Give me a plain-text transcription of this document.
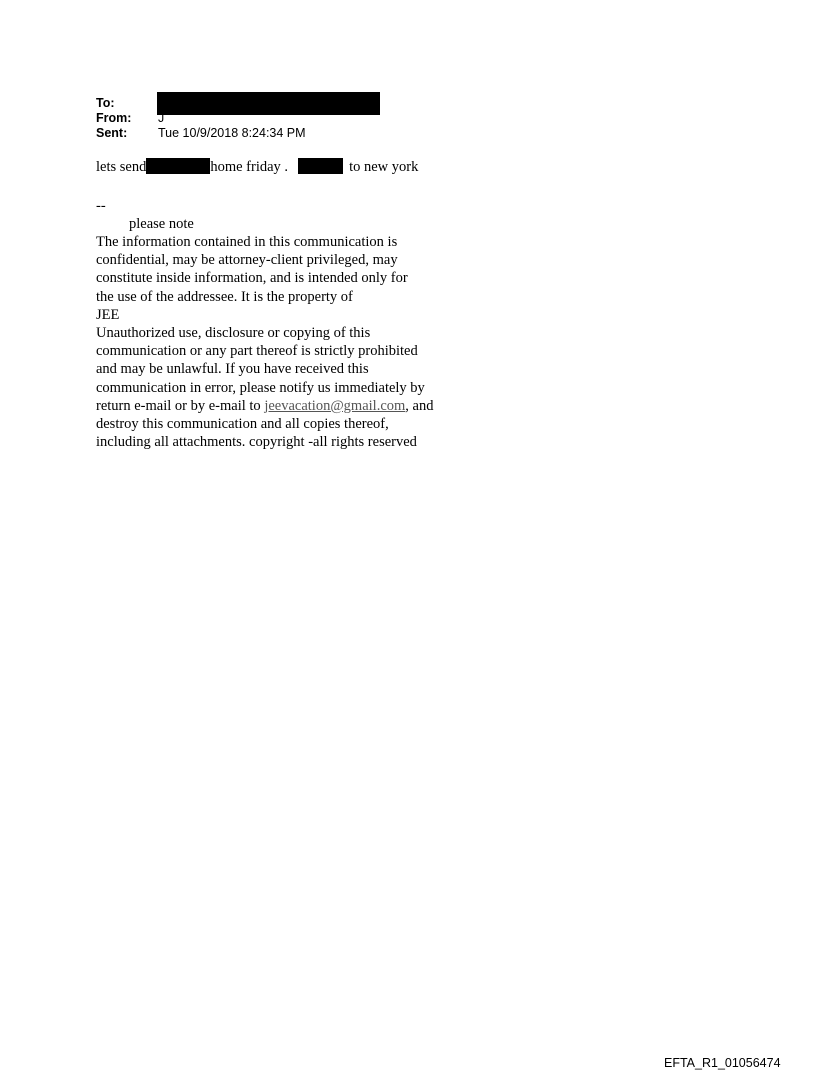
To:
From: J
Sent: Tue 10/9/2018 8:24:34 PM
lets send	home friday .	to new york
--
please note
The information contained in this communication is
confidential, may be attorney-client privileged, may
constitute inside information, and is intended only for
the use of the addressee. It is the property of
JEE
Unauthorized use, disclosure or copying of this
communication or any part thereof is strictly prohibited
and may be unlawful. If you have received this
communication in error, please notify us immediately by
return e-mail or by e-mail to jeevacation@gmail.com, and
destroy this communication and all copies thereof,
including all attachments. copyright -all rights reserved
EFTA_R1_01056474
